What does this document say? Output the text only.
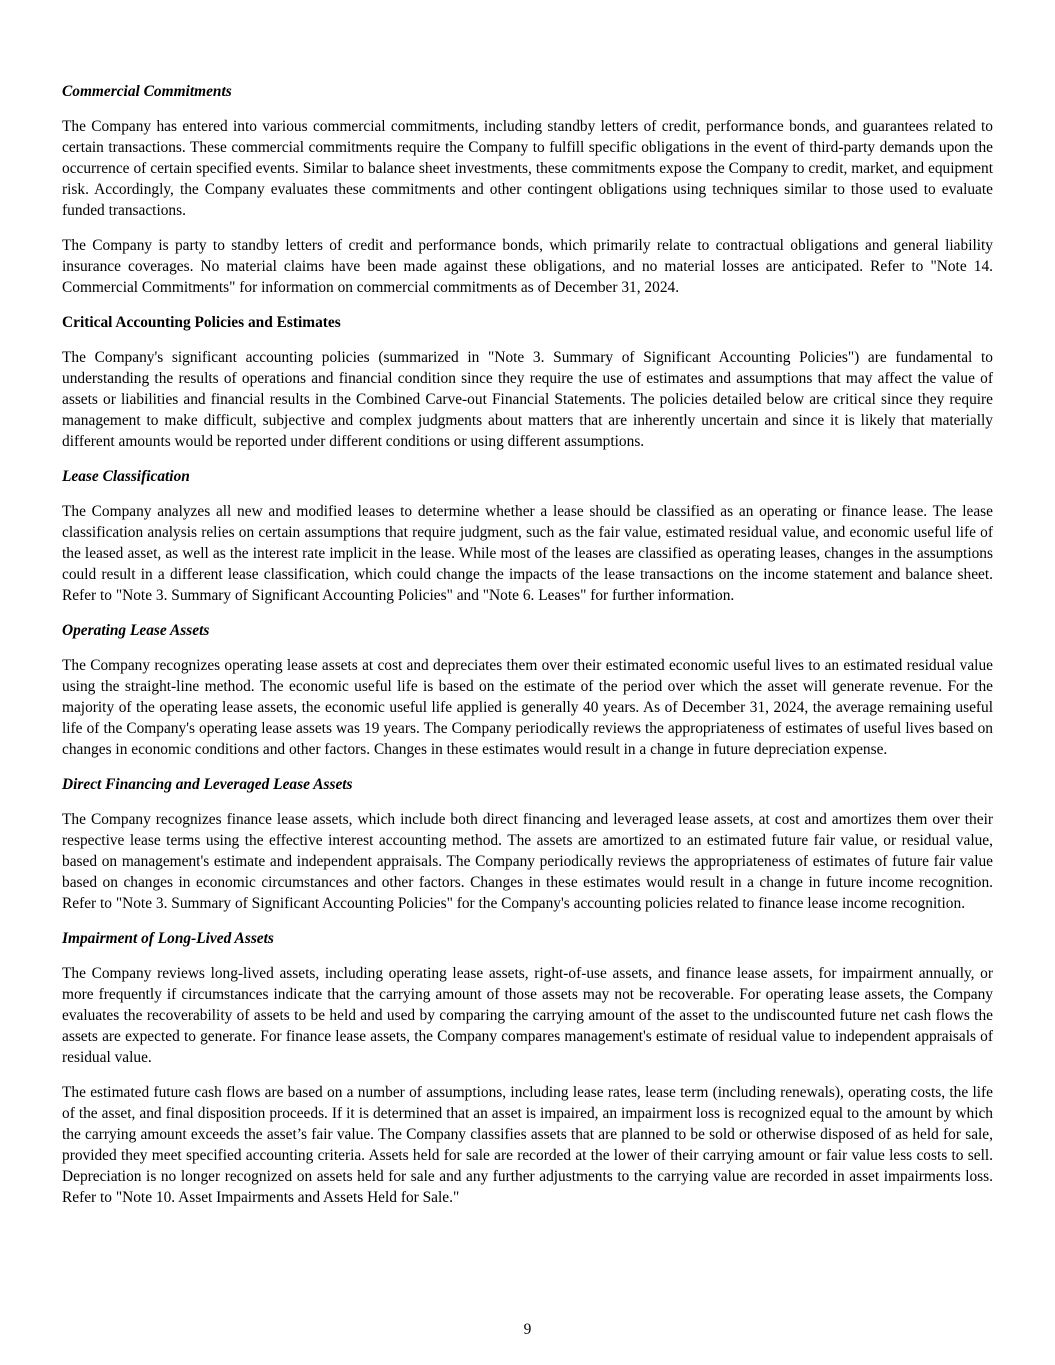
Commercial Commitments

The Company has entered into various commercial commitments, including standby letters of credit, performance bonds, and guarantees related to certain transactions. These commercial commitments require the Company to fulfill specific obligations in the event of third-party demands upon the occurrence of certain specified events. Similar to balance sheet investments, these commitments expose the Company to credit, market, and equipment risk. Accordingly, the Company evaluates these commitments and other contingent obligations using techniques similar to those used to evaluate funded transactions.

The Company is party to standby letters of credit and performance bonds, which primarily relate to contractual obligations and general liability insurance coverages. No material claims have been made against these obligations, and no material losses are anticipated. Refer to "Note 14. Commercial Commitments" for information on commercial commitments as of December 31, 2024.

Critical Accounting Policies and Estimates

The Company's significant accounting policies (summarized in "Note 3. Summary of Significant Accounting Policies") are fundamental to understanding the results of operations and financial condition since they require the use of estimates and assumptions that may affect the value of assets or liabilities and financial results in the Combined Carve-out Financial Statements. The policies detailed below are critical since they require management to make difficult, subjective and complex judgments about matters that are inherently uncertain and since it is likely that materially different amounts would be reported under different conditions or using different assumptions.

Lease Classification

The Company analyzes all new and modified leases to determine whether a lease should be classified as an operating or finance lease. The lease classification analysis relies on certain assumptions that require judgment, such as the fair value, estimated residual value, and economic useful life of the leased asset, as well as the interest rate implicit in the lease. While most of the leases are classified as operating leases, changes in the assumptions could result in a different lease classification, which could change the impacts of the lease transactions on the income statement and balance sheet. Refer to "Note 3. Summary of Significant Accounting Policies" and "Note 6. Leases" for further information.

Operating Lease Assets

The Company recognizes operating lease assets at cost and depreciates them over their estimated economic useful lives to an estimated residual value using the straight-line method. The economic useful life is based on the estimate of the period over which the asset will generate revenue. For the majority of the operating lease assets, the economic useful life applied is generally 40 years. As of December 31, 2024, the average remaining useful life of the Company's operating lease assets was 19 years. The Company periodically reviews the appropriateness of estimates of useful lives based on changes in economic conditions and other factors. Changes in these estimates would result in a change in future depreciation expense.

Direct Financing and Leveraged Lease Assets

The Company recognizes finance lease assets, which include both direct financing and leveraged lease assets, at cost and amortizes them over their respective lease terms using the effective interest accounting method. The assets are amortized to an estimated future fair value, or residual value, based on management's estimate and independent appraisals. The Company periodically reviews the appropriateness of estimates of future fair value based on changes in economic circumstances and other factors. Changes in these estimates would result in a change in future income recognition. Refer to "Note 3. Summary of Significant Accounting Policies" for the Company's accounting policies related to finance lease income recognition.

Impairment of Long-Lived Assets

The Company reviews long-lived assets, including operating lease assets, right-of-use assets, and finance lease assets, for impairment annually, or more frequently if circumstances indicate that the carrying amount of those assets may not be recoverable. For operating lease assets, the Company evaluates the recoverability of assets to be held and used by comparing the carrying amount of the asset to the undiscounted future net cash flows the assets are expected to generate. For finance lease assets, the Company compares management's estimate of residual value to independent appraisals of residual value.

The estimated future cash flows are based on a number of assumptions, including lease rates, lease term (including renewals), operating costs, the life of the asset, and final disposition proceeds. If it is determined that an asset is impaired, an impairment loss is recognized equal to the amount by which the carrying amount exceeds the asset’s fair value. The Company classifies assets that are planned to be sold or otherwise disposed of as held for sale, provided they meet specified accounting criteria. Assets held for sale are recorded at the lower of their carrying amount or fair value less costs to sell. Depreciation is no longer recognized on assets held for sale and any further adjustments to the carrying value are recorded in asset impairments loss. Refer to "Note 10. Asset Impairments and Assets Held for Sale."

9
